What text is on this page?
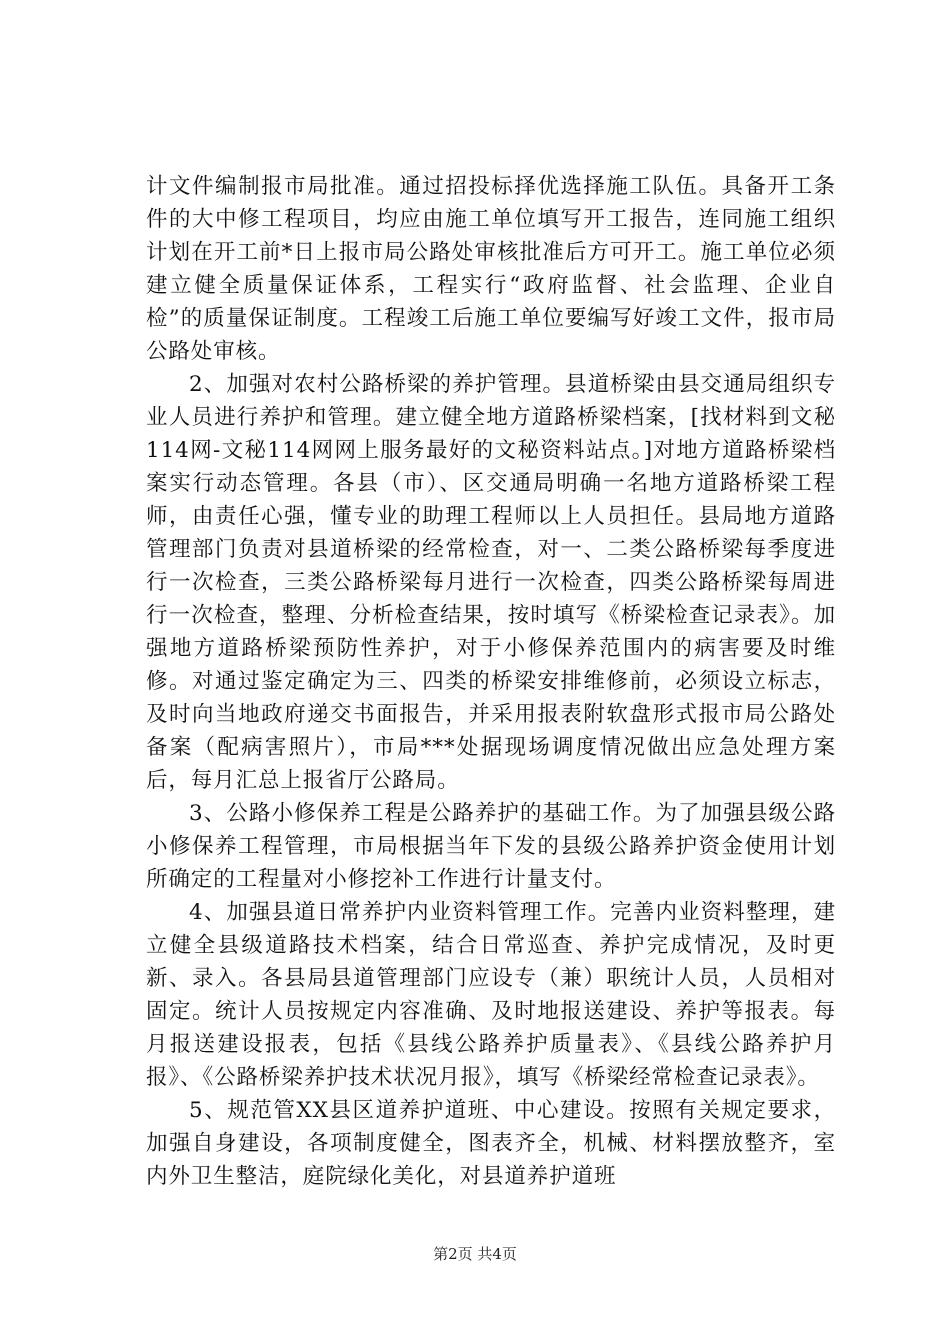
计文件编制报市局批准。通过招投标择优选择施工队伍。具备开工条件的大中修工程项目，均应由施工单位填写开工报告，连同施工组织计划在开工前*日上报市局公路处审核批准后方可开工。施工单位必须建立健全质量保证体系，工程实行“政府监督、社会监理、企业自检”的质量保证制度。工程竣工后施工单位要编写好竣工文件，报市局公路处审核。

2、加强对农村公路桥梁的养护管理。县道桥梁由县交通局组织专业人员进行养护和管理。建立健全地方道路桥梁档案，[找材料到文秘114网-文秘114网网上服务最好的文秘资料站点。]对地方道路桥梁档案实行动态管理。各县（市）、区交通局明确一名地方道路桥梁工程师，由责任心强，懂专业的助理工程师以上人员担任。县局地方道路管理部门负责对县道桥梁的经常检查，对一、二类公路桥梁每季度进行一次检查，三类公路桥梁每月进行一次检查，四类公路桥梁每周进行一次检查，整理、分析检查结果，按时填写《桥梁检查记录表》。加强地方道路桥梁预防性养护，对于小修保养范围内的病害要及时维修。对通过鉴定确定为三、四类的桥梁安排维修前，必须设立标志，及时向当地政府递交书面报告，并采用报表附软盘形式报市局公路处备案（配病害照片），市局***处据现场调度情况做出应急处理方案后，每月汇总上报省厅公路局。

3、公路小修保养工程是公路养护的基础工作。为了加强县级公路小修保养工程管理，市局根据当年下发的县级公路养护资金使用计划所确定的工程量对小修挖补工作进行计量支付。

4、加强县道日常养护内业资料管理工作。完善内业资料整理，建立健全县级道路技术档案，结合日常巡查、养护完成情况，及时更新、录入。各县局县道管理部门应设专（兼）职统计人员，人员相对固定。统计人员按规定内容准确、及时地报送建设、养护等报表。每月报送建设报表，包括《县线公路养护质量表》、《县线公路养护月报》、《公路桥梁养护技术状况月报》，填写《桥梁经常检查记录表》。

5、规范管XX县区道养护道班、中心建设。按照有关规定要求，加强自身建设，各项制度健全，图表齐全，机械、材料摆放整齐，室内外卫生整洁，庭院绿化美化，对县道养护道班

第2页 共4页
